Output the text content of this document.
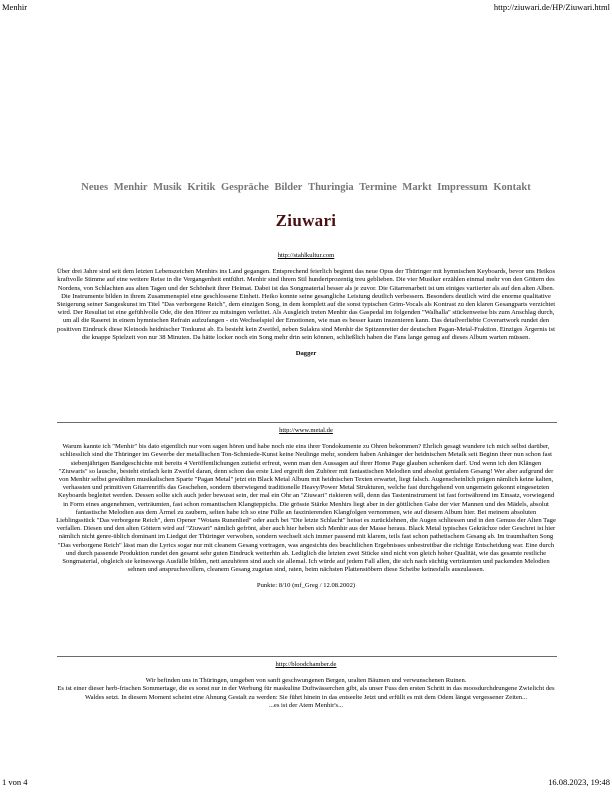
Menhir	http://ziuwari.de/HP/Ziuwari.html
Neues Menhir Musik Kritik Gespräche Bilder Thuringia Termine Markt Impressum Kontakt
Ziuwari
http://stahlkultur.com

Über drei Jahre sind seit dem letzten Lebenszeichen Menhirs ins Land gegangen. Entsprechend feierlich beginnt das neue Opus der Thüringer mit hymnischen Keyboards, bevor uns Heikos kraftvolle Stimme auf eine weitere Reise in die Vergangenheit entführt. Menhir sind ihrem Stil hundertprozentig treu geblieben. Die vier Musiker erzählen einmal mehr von den Göttern des Nordens, von Schlachten aus alten Tagen und der Schönheit ihrer Heimat. Dabei ist das Songmaterial besser als je zuvor. Die Gitarrenarbeit ist um einiges variierter als auf den alten Alben. Die Instrumente bilden in ihrem Zusammenspiel eine geschlossene Einheit. Heiko konnte seine gesangliche Leistung deutlich verbessern. Besonders deutlich wird die enorme qualitative Steigerung seiner Sangeskunst im Titel "Das verborgene Reich", dem einzigen Song, in dem komplett auf die sonst typischen Grim-Vocals als Kontrast zu den klaren Gesangparts verzichtet wird. Der Resultat ist eine gefühlvolle Ode, die den Hörer zu mitsingen verleitet. Als Ausgleich treten Menhir das Gaspedal im folgenden "Walhalla" stückenweise bis zum Anschlag durch, um all die Raserei in einem hymnischen Refrain aufzufangen - ein Wechselspiel der Emotionen, wie man es besser kaum inszenieren kann. Das detailverliebte Coverartwork rundet den positiven Eindruck diese Kleinods heidnischer Tonkunst ab. Es besteht kein Zweifel, neben Sulakra sind Menhir die Spitzenreiter der deutschen Pagan-Metal-Fraktion. Einziges Ärgernis ist die knappe Spielzeit von nur 38 Minuten. Da hätte locker noch ein Song mehr drin sein können, schließlich haben die Fans lange genug auf dieses Album warten müssen.

Dagger

http://www.metal.de

Warum kannte ich "Menhir" bis dato eigentlich nur vom sagen hören und habe noch nie eins ihrer Tondokumente zu Ohren bekommen? Ehrlich gesagt wundere ich mich selbst darüber, schliesslich sind die Thüringer im Gewerbe der metallischen Ton-Schmiede-Kunst keine Neulinge mehr, sondern haben Anhänger der heidnischen Metalk seit Beginn ihrer nun schon fast siebenjährigen Bandgeschichte mit bereits 4 Veröffentlichungen zutiefst erfreut, wenn man den Aussagen auf ihrer Home Page glauben schenken darf. Und wenn ich den Klängen "Ziuwaris" so lausche, besteht einfach kein Zweifel daran, denn schon das erste Lied ergreift den Zuhörer mit fantastischen Melodien und absolut genialem Gesang! Wer aber aufgrund der von Menhir selbst gewählten musikalischen Sparte "Pagan Metal" jetzt ein Black Metal Album mit heidnischen Texten erwartet, liegt falsch. Augenscheinlich prägen nämlich keine kalten, verhassten und primitiven Gitarrenriffs das Geschehen, sondern überwiegend traditionelle Heavy/Power Metal Strukturen, welche fast durchgehend von ungemein gekonnt eingesetzten Keyboards begleitet werden. Dessen sollte sich auch jeder bewusst sein, der mal ein Ohr an "Ziuwari" riskieren will, denn das Tasteninstrument ist fast fortwährend im Einsatz, vorwiegend in Form eines angenehmen, verträumten, fast schon romantischen Klangteppichs. Die grösste Stärke Menhirs liegt aber in der göttlichen Gabe der vier Mannen und des Mädels, absolut fantastische Melodien aus dem Ärmel zu zaubern, selten habe ich so eine Fülle an faszinierenden Klangfolgen vernommen, wie auf diesem Album hier. Bei meinem absoluten Lieblingsstück "Das verborgene Reich", dem Opener "Wotans Runenlied" oder auch bei "Die letzte Schlacht" heisst es zurücklehnen, die Augen schliessen und in den Genuss der Alten Tage verfallen. Diesen und den alten Göttern wird auf "Ziuwari" nämlich gefrönt, aber auch hier heben sich Menhir aus der Masse heraus. Black Metal typisches Gekrächze oder Geschrei ist hier nämlich nicht genre-üblich dominant im Liedgut der Thüringer verwoben, sondern wechselt sich immer passend mit klarem, teils fast schon pathetischem Gesang ab. Im traumhaften Song "Das verborgene Reich" lässt man die Lyrics sogar nur mit cleanem Gesang vortragen, was angesichts des beachtlichen Ergebnisses unbestreitbar die richtige Entscheidung war. Eine durch und durch passende Produktion rundet den gesamt sehr guten Eindruck weiterhin ab. Lediglich die letzten zwei Stücke sind nicht von gleich hoher Qualität, wie das gesamte restliche Songmaterial, obgleich sie keineswegs Ausfälle bilden, nett anzuhören sind auch sie allemal. Ich würde auf jedem Fall allen, die sich nach süchtig verträumten und packenden Melodien sehnen und anspruchsvollem, cleanem Gesang zugetan sind, raten, beim nächsten Plattenstöbern diese Scheibe keinesfalls auszulassen.

Punkte: 8/10 (mf_Greg / 12.08.2002)

http://bloodchamber.de

Wir befinden uns in Thüringen, umgeben von sanft geschwungenen Bergen, uralten Bäumen und verwunschenen Ruinen.

Es ist einer dieser herb-frischen Sommertage, die es sonst nur in der Werbung für maskuline Duftwässerchen gibt, als unser Fuss den ersten Schritt in das moosdurchdrungene Zwielicht des Waldes setzt. In diesem Moment scheint eine Ahnung Gestalt zu werden: Sie führt hinein in das entseelte Jetzt und erfüllt es mit dem Odem längst vergessener Zeiten...

...es ist der Atem Menhir's...

1 von 4	16.08.2023, 19:48
